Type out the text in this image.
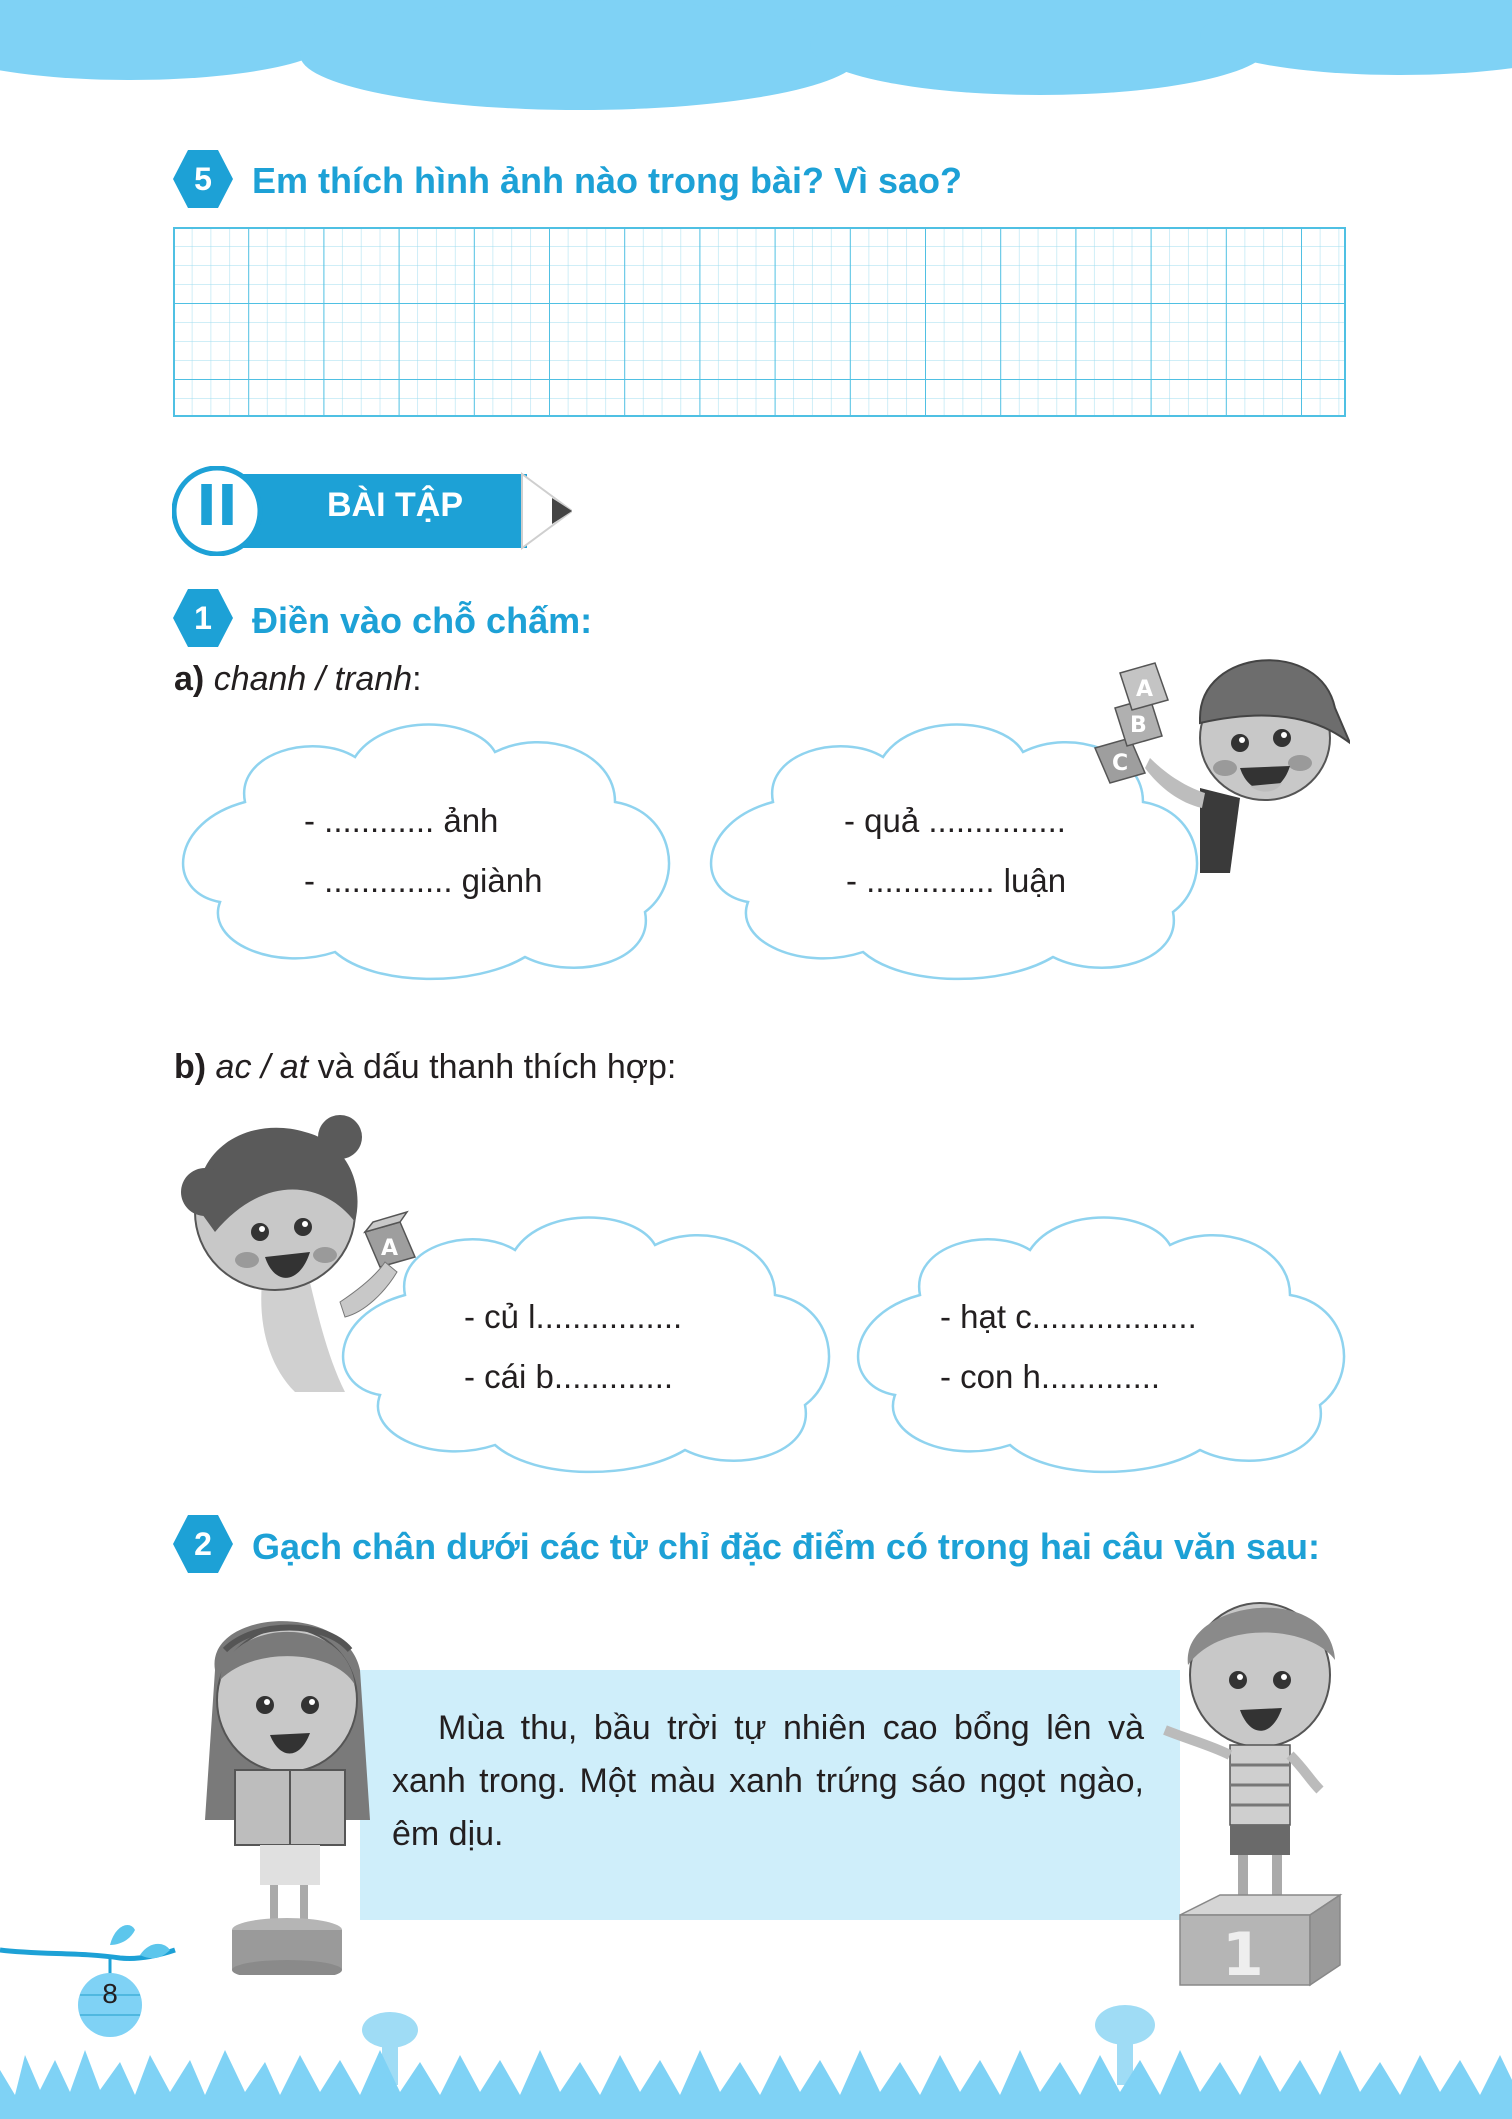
5	Em thích hình ảnh nào trong bài? Vì sao?
II	BÀI TẬP
1	Điền vào chỗ chấm:
a) chanh / tranh:
- ............ ảnh
- .............. giành
- quả ...............
- .............. luận
C
B
A
b) ac / at và dấu thanh thích hợp:
A
- củ l................
- cái b.............
- hạt c..................
- con h.............
2	Gạch chân dưới các từ chỉ đặc điểm có trong hai câu văn sau:
Mùa thu, bầu trời tự nhiên cao bổng lên và xanh trong. Một màu xanh trứng sáo ngọt ngào, êm dịu.
1
8
